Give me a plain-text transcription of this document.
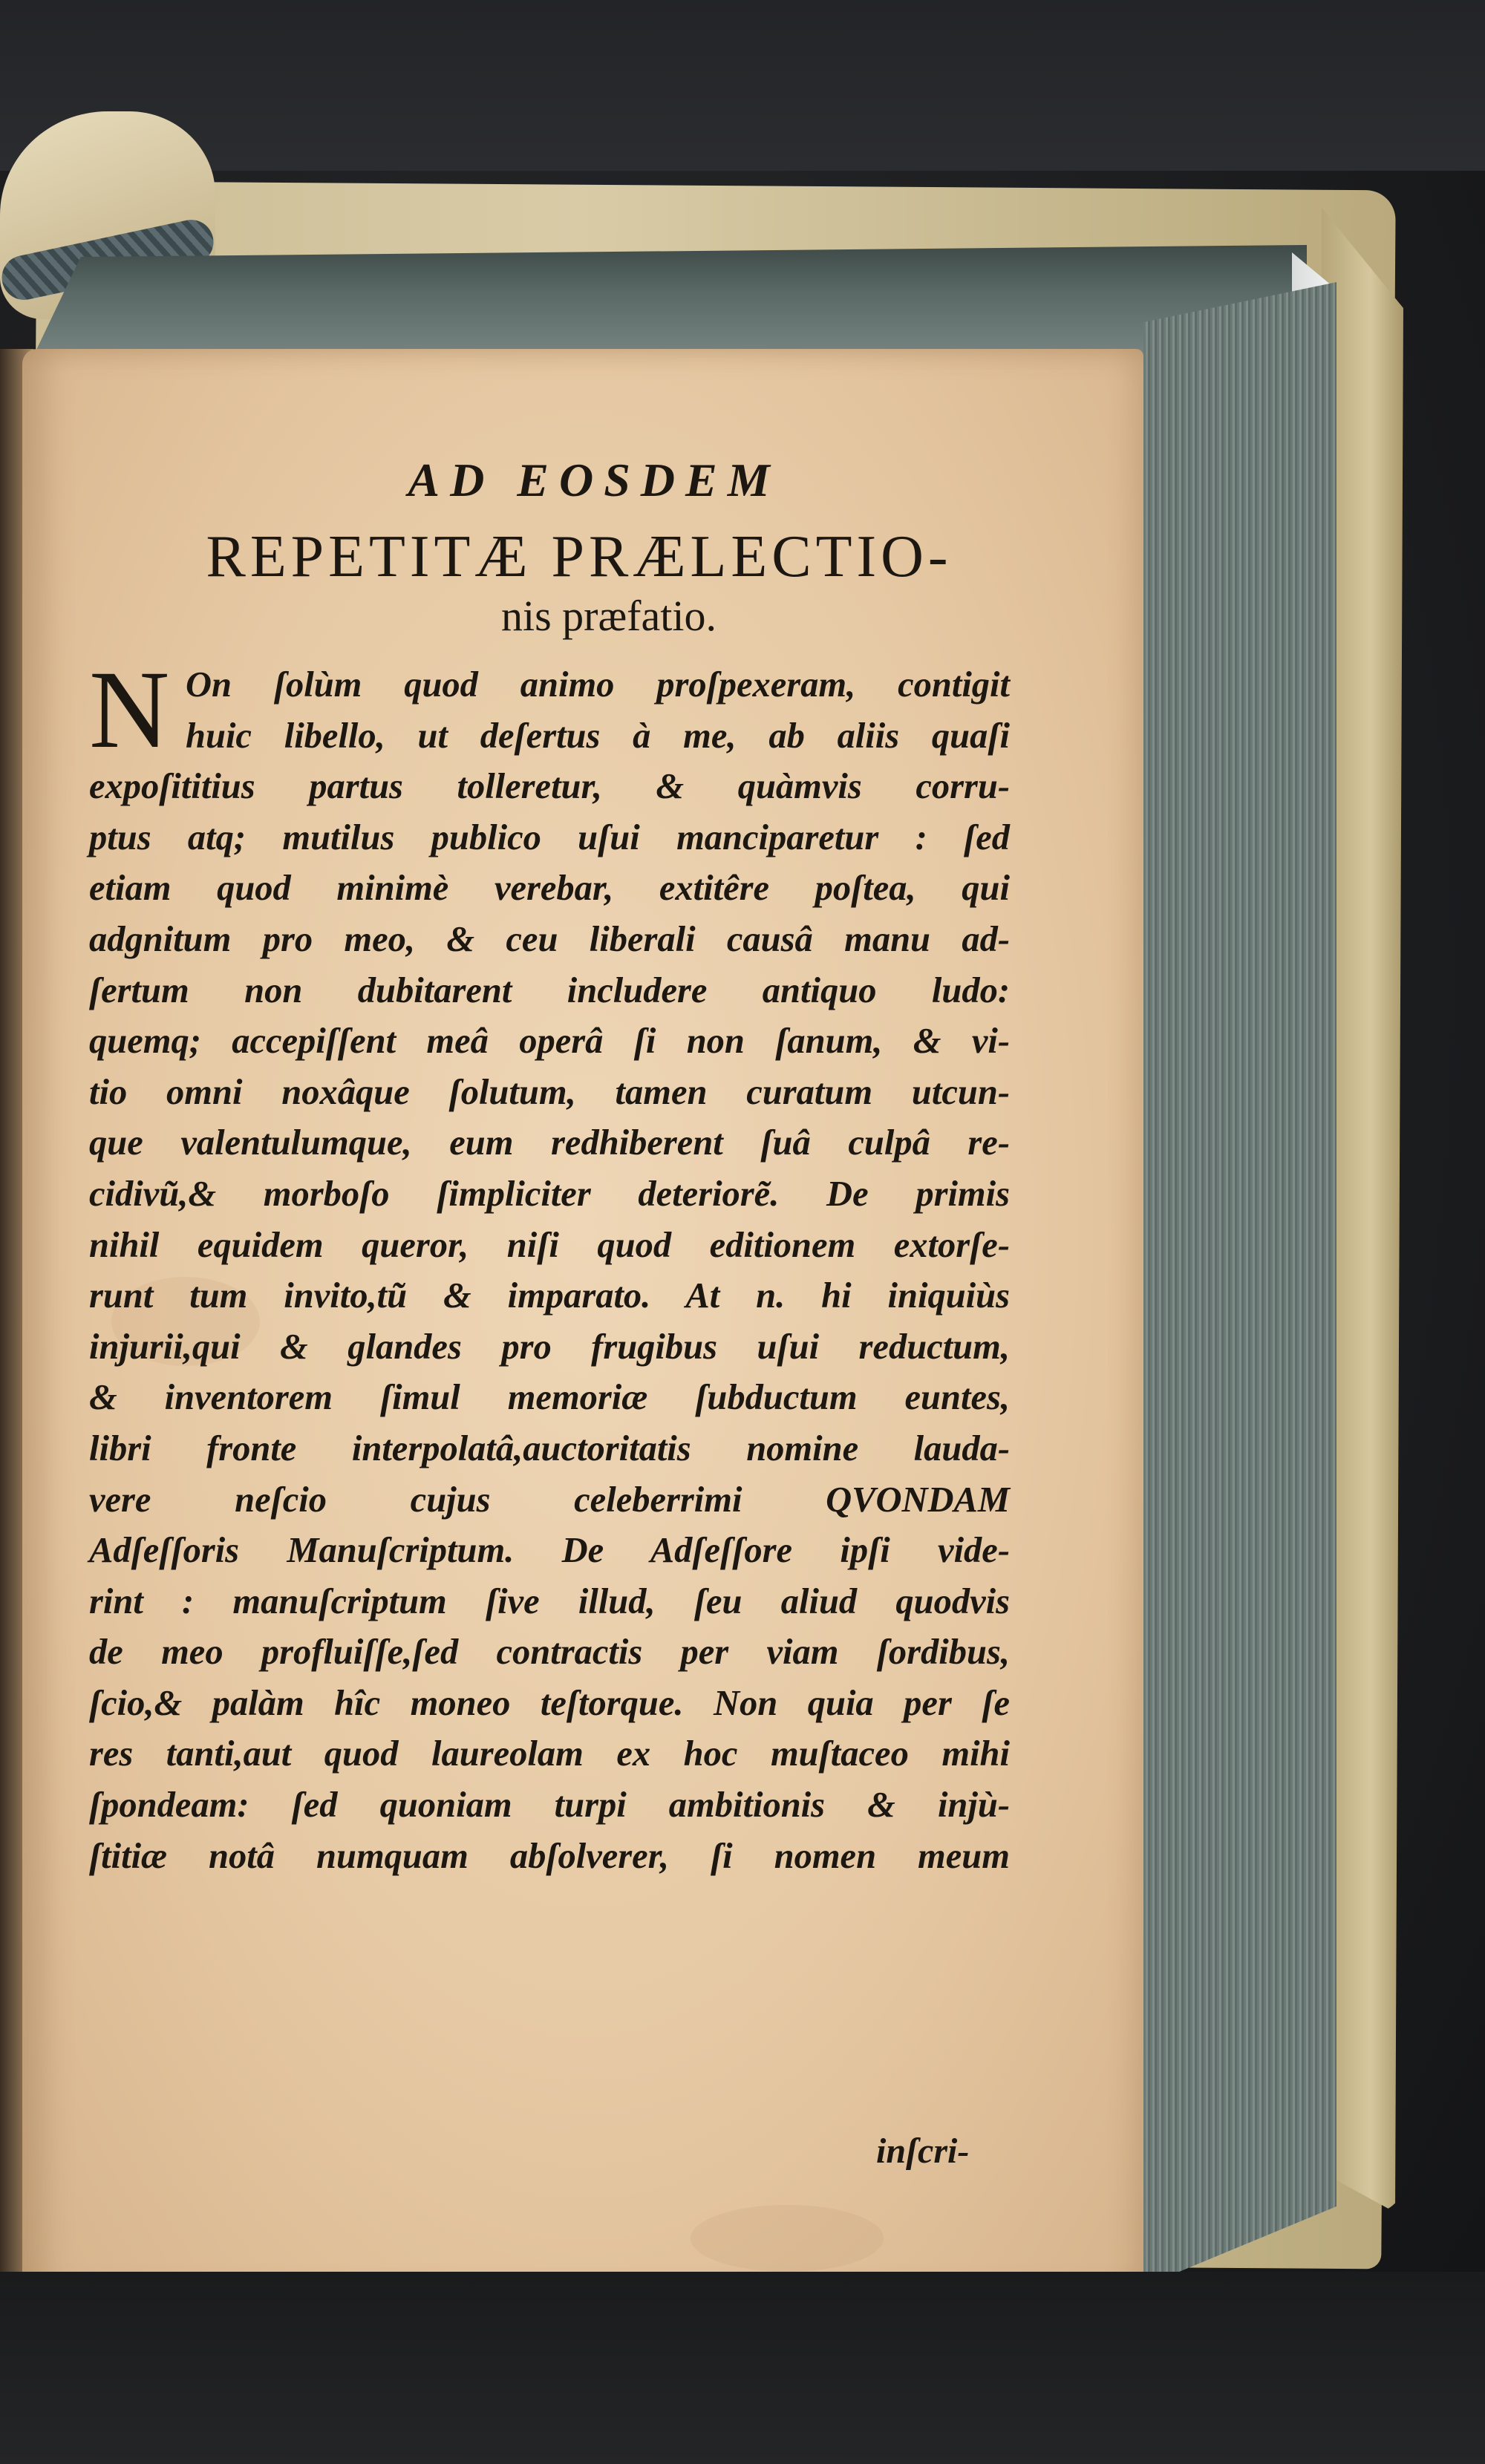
AD EOSDEM
REPETITÆ PRÆLECTIO-
nis præfatio.
N On ſolùm quod animo proſpexeram, contigit
huic libello, ut deſertus à me, ab aliis quaſi
expoſititius partus tolleretur, & quàmvis corru-
ptus atq; mutilus publico uſui manciparetur : ſed
etiam quod minimè verebar, extitêre poſtea, qui
adgnitum pro meo, & ceu liberali causâ manu ad-
ſertum non dubitarent includere antiquo ludo:
quemq; accepiſſent meâ operâ ſi non ſanum, & vi-
tio omni noxâque ſolutum, tamen curatum utcun-
que valentulumque, eum redhiberent ſuâ culpâ re-
cidivũ,& morboſo ſimpliciter deteriorẽ. De primis
nihil equidem queror, niſi quod editionem extorſe-
runt tum invito,tũ & imparato. At n. hi iniquiùs
injurii,qui & glandes pro frugibus uſui reductum,
& inventorem ſimul memoriæ ſubductum euntes,
libri fronte interpolatâ,auctoritatis nomine lauda-
vere neſcio cujus celeberrimi QVONDAM
Adſeſſoris Manuſcriptum. De Adſeſſore ipſi vide-
rint : manuſcriptum ſive illud, ſeu aliud quodvis
de meo profluiſſe,ſed contractis per viam ſordibus,
ſcio,& palàm hîc moneo teſtorque. Non quia per ſe
res tanti,aut quod laureolam ex hoc muſtaceo mihi
ſpondeam: ſed quoniam turpi ambitionis & injù-
ſtitiæ notâ numquam abſolverer, ſi nomen meum
inſcri-
